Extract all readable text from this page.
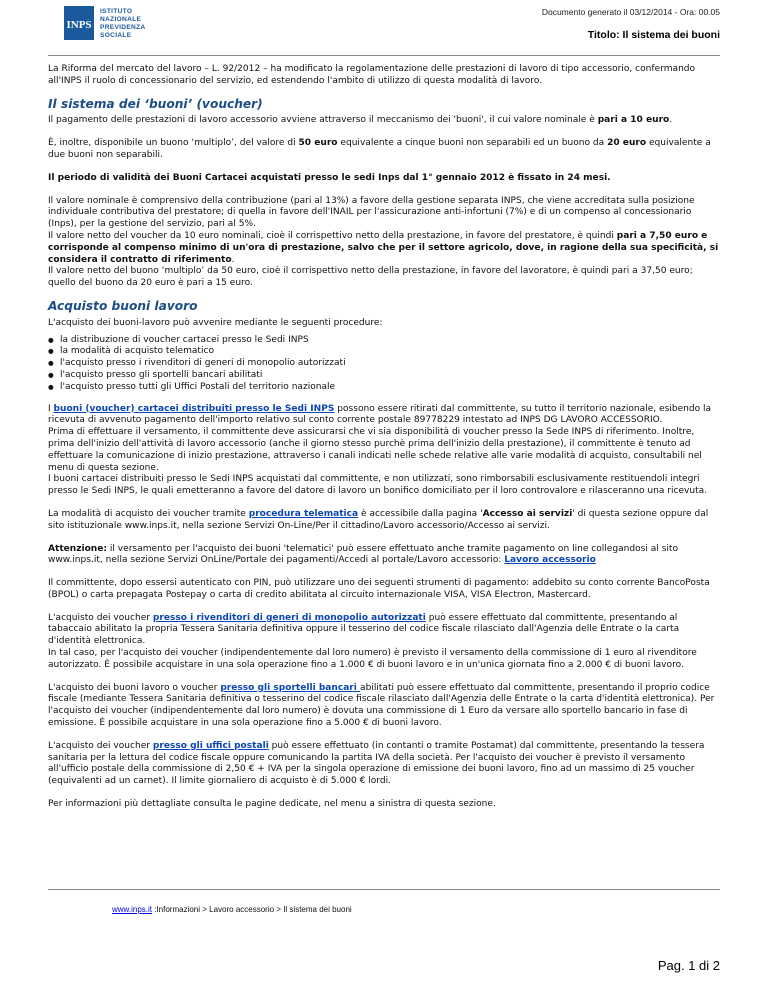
INPS
ISTITUTO
NAZIONALE
PREVIDENZA
SOCIALE
Documento generato il 03/12/2014 - Ora: 00.05
Titolo: Il sistema dei buoni

La Riforma del mercato del lavoro – L. 92/2012 – ha modificato la regolamentazione delle prestazioni di lavoro di tipo accessorio, confermando all'INPS il ruolo di concessionario del servizio, ed estendendo l'ambito di utilizzo di questa modalità di lavoro.

Il sistema dei ‘buoni’ (voucher)

Il pagamento delle prestazioni di lavoro accessorio avviene attraverso il meccanismo dei 'buoni', il cui valore nominale è pari a 10 euro.

È, inoltre, disponibile un buono ‘multiplo’, del valore di 50 euro equivalente a cinque buoni non separabili ed un buono da 20 euro equivalente a due buoni non separabili.

Il periodo di validità dei Buoni Cartacei acquistati presso le sedi Inps dal 1° gennaio 2012 è fissato in 24 mesi.

Il valore nominale è comprensivo della contribuzione (pari al 13%) a favore della gestione separata INPS, che viene accreditata sulla posizione individuale contributiva del prestatore; di quella in favore dell'INAIL per l'assicurazione anti-infortuni (7%) e di un compenso al concessionario (Inps), per la gestione del servizio, pari al 5%.
Il valore netto del voucher da 10 euro nominali, cioè il corrispettivo netto della prestazione, in favore del prestatore, è quindi pari a 7,50 euro e corrisponde al compenso minimo di un'ora di prestazione, salvo che per il settore agricolo, dove, in ragione della sua specificità, si considera il contratto di riferimento.
Il valore netto del buono ‘multiplo’ da 50 euro, cioè il corrispettivo netto della prestazione, in favore del lavoratore, è quindi pari a 37,50 euro; quello del buono da 20 euro è pari a 15 euro.

Acquisto buoni lavoro

L'acquisto dei buoni-lavoro può avvenire mediante le seguenti procedure:

● la distribuzione di voucher cartacei presso le Sedi INPS
● la modalità di acquisto telematico
● l'acquisto presso i rivenditori di generi di monopolio autorizzati
● l'acquisto presso gli sportelli bancari abilitati
● l'acquisto presso tutti gli Uffici Postali del territorio nazionale

I buoni (voucher) cartacei distribuiti presso le Sedi INPS possono essere ritirati dal committente, su tutto il territorio nazionale, esibendo la ricevuta di avvenuto pagamento dell'importo relativo sul conto corrente postale 89778229 intestato ad INPS DG LAVORO ACCESSORIO.
Prima di effettuare il versamento, il committente deve assicurarsi che vi sia disponibilità di voucher presso la Sede INPS di riferimento. Inoltre, prima dell'inizio dell'attività di lavoro accessorio (anche il giorno stesso purchè prima dell'inizio della prestazione), il committente è tenuto ad effettuare la comunicazione di inizio prestazione, attraverso i canali indicati nelle schede relative alle varie modalità di acquisto, consultabili nel menu di questa sezione.
I buoni cartacei distribuiti presso le Sedi INPS acquistati dal committente, e non utilizzati, sono rimborsabili esclusivamente restituendoli integri presso le Sedi INPS, le quali emetteranno a favore del datore di lavoro un bonifico domiciliato per il loro controvalore e rilasceranno una ricevuta.

La modalità di acquisto dei voucher tramite procedura telematica è accessibile dalla pagina 'Accesso ai servizi' di questa sezione oppure dal sito istituzionale www.inps.it, nella sezione Servizi On-Line/Per il cittadino/Lavoro accessorio/Accesso ai servizi.

Attenzione: il versamento per l'acquisto dei buoni 'telematici' può essere effettuato anche tramite pagamento on line collegandosi al sito www.inps.it, nella sezione Servizi OnLine/Portale dei pagamenti/Accedi al portale/Lavoro accessorio: Lavoro accessorio

Il committente, dopo essersi autenticato con PIN, può utilizzare uno dei seguenti strumenti di pagamento: addebito su conto corrente BancoPosta (BPOL) o carta prepagata Postepay o carta di credito abilitata al circuito internazionale VISA, VISA Electron, Mastercard.

L'acquisto dei voucher presso i rivenditori di generi di monopolio autorizzati può essere effettuato dal committente, presentando al tabaccaio abilitato la propria Tessera Sanitaria definitiva oppure il tesserino del codice fiscale rilasciato dall'Agenzia delle Entrate o la carta d'identità elettronica.
In tal caso, per l'acquisto dei voucher (indipendentemente dal loro numero) è previsto il versamento della commissione di 1 euro al rivenditore autorizzato. È possibile acquistare in una sola operazione fino a 1.000 € di buoni lavoro e in un'unica giornata fino a 2.000 € di buoni lavoro.

L'acquisto dei buoni lavoro o voucher presso gli sportelli bancari abilitati può essere effettuato dal committente, presentando il proprio codice fiscale (mediante Tessera Sanitaria definitiva o tesserino del codice fiscale rilasciato dall'Agenzia delle Entrate o la carta d'identità elettronica). Per l'acquisto dei voucher (indipendentemente dal loro numero) è dovuta una commissione di 1 Euro da versare allo sportello bancario in fase di emissione. È possibile acquistare in una sola operazione fino a 5.000 € di buoni lavoro.

L'acquisto dei voucher presso gli uffici postali può essere effettuato (in contanti o tramite Postamat) dal committente, presentando la tessera sanitaria per la lettura del codice fiscale oppure comunicando la partita IVA della società. Per l'acquisto dei voucher è previsto il versamento all'ufficio postale della commissione di 2,50 € + IVA per la singola operazione di emissione dei buoni lavoro, fino ad un massimo di 25 voucher (equivalenti ad un carnet). Il limite giornaliero di acquisto è di 5.000 € lordi.

Per informazioni più dettagliate consulta le pagine dedicate, nel menu a sinistra di questa sezione.

www.inps.it :Informazioni > Lavoro accessorio > Il sistema dei buoni
Pag. 1 di 2
